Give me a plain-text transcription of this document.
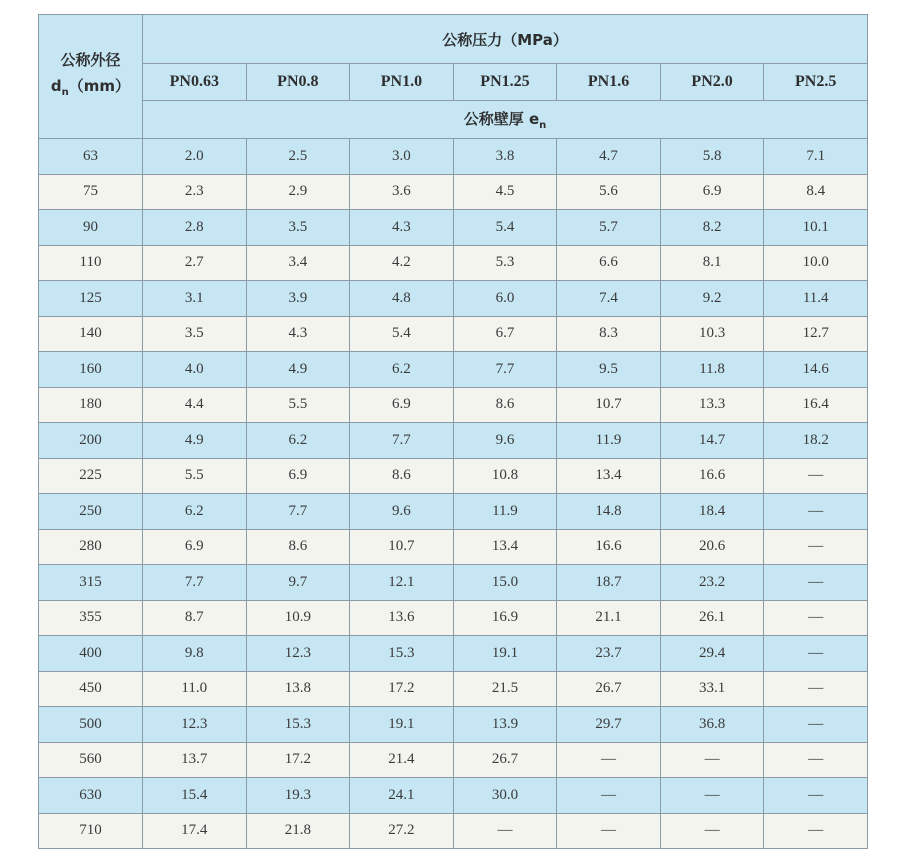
公称外径
$d_n(mm)$	公称压力（MPa）						
	PN0.63	PN0.8	PN1.0	PN1.25	PN1.6	PN2.0	PN2.5
	公称壁厚 $e_n$
63	2.0	2.5	3.0	3.8	4.7	5.8	7.1
75	2.3	2.9	3.6	4.5	5.6	6.9	8.4
90	2.8	3.5	4.3	5.4	5.7	8.2	10.1
110	2.7	3.4	4.2	5.3	6.6	8.1	10.0
125	3.1	3.9	4.8	6.0	7.4	9.2	11.4
140	3.5	4.3	5.4	6.7	8.3	10.3	12.7
160	4.0	4.9	6.2	7.7	9.5	11.8	14.6
180	4.4	5.5	6.9	8.6	10.7	13.3	16.4
200	4.9	6.2	7.7	9.6	11.9	14.7	18.2
225	5.5	6.9	8.6	10.8	13.4	16.6	—
250	6.2	7.7	9.6	11.9	14.8	18.4	—
280	6.9	8.6	10.7	13.4	16.6	20.6	—
315	7.7	9.7	12.1	15.0	18.7	23.2	—
355	8.7	10.9	13.6	16.9	21.1	26.1	—
400	9.8	12.3	15.3	19.1	23.7	29.4	—
450	11.0	13.8	17.2	21.5	26.7	33.1	—
500	12.3	15.3	19.1	13.9	29.7	36.8	—
560	13.7	17.2	21.4	26.7	—	—	—
630	15.4	19.3	24.1	30.0	—	—	—
710	17.4	21.8	27.2	—	—	—	—
